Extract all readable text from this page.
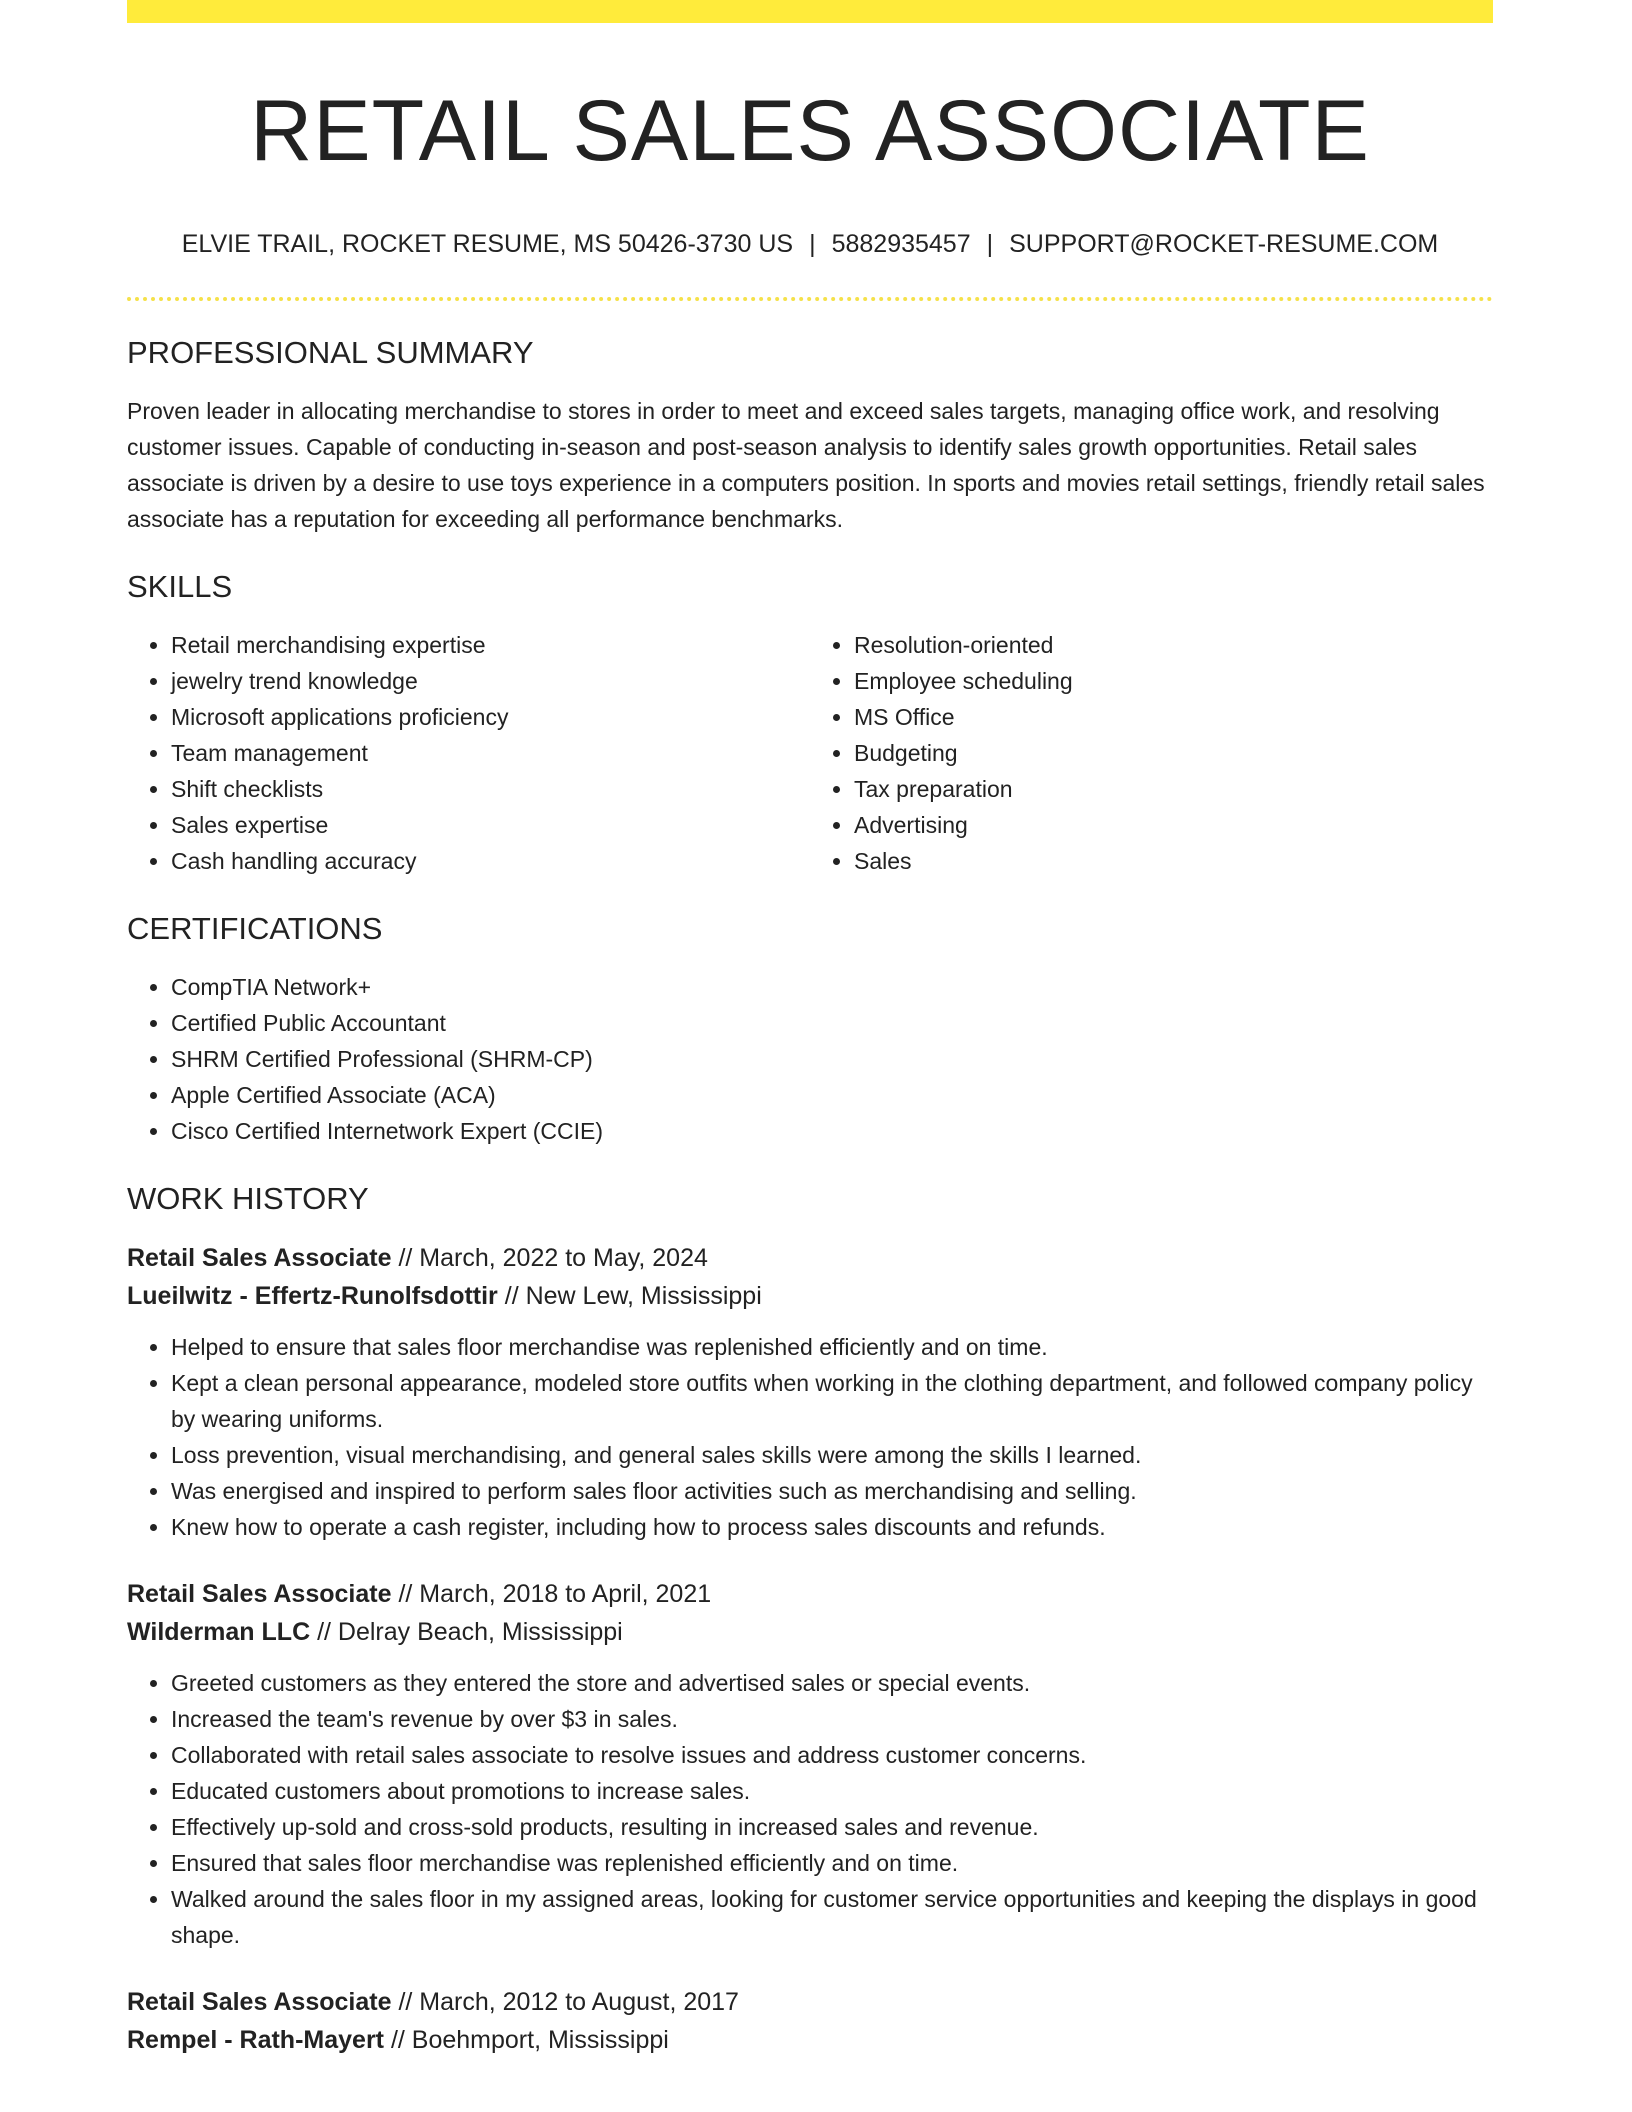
RETAIL SALES ASSOCIATE
ELVIE TRAIL, ROCKET RESUME, MS 50426-3730 US | 5882935457 | SUPPORT@ROCKET-RESUME.COM
PROFESSIONAL SUMMARY

Proven leader in allocating merchandise to stores in order to meet and exceed sales targets, managing office work, and resolving customer issues. Capable of conducting in-season and post-season analysis to identify sales growth opportunities. Retail sales associate is driven by a desire to use toys experience in a computers position. In sports and movies retail settings, friendly retail sales associate has a reputation for exceeding all performance benchmarks.

SKILLS
• Retail merchandising expertise
• jewelry trend knowledge
• Microsoft applications proficiency
• Team management
• Shift checklists
• Sales expertise
• Cash handling accuracy
• Resolution-oriented
• Employee scheduling
• MS Office
• Budgeting
• Tax preparation
• Advertising
• Sales
CERTIFICATIONS
• CompTIA Network+
• Certified Public Accountant
• SHRM Certified Professional (SHRM-CP)
• Apple Certified Associate (ACA)
• Cisco Certified Internetwork Expert (CCIE)
WORK HISTORY

Retail Sales Associate // March, 2022 to May, 2024

Lueilwitz - Effertz-Runolfsdottir // New Lew, Mississippi

• Helped to ensure that sales floor merchandise was replenished efficiently and on time.
• Kept a clean personal appearance, modeled store outfits when working in the clothing department, and followed company policy by wearing uniforms.
• Loss prevention, visual merchandising, and general sales skills were among the skills I learned.
• Was energised and inspired to perform sales floor activities such as merchandising and selling.
• Knew how to operate a cash register, including how to process sales discounts and refunds.

Retail Sales Associate // March, 2018 to April, 2021

Wilderman LLC // Delray Beach, Mississippi

• Greeted customers as they entered the store and advertised sales or special events.
• Increased the team's revenue by over $3 in sales.
• Collaborated with retail sales associate to resolve issues and address customer concerns.
• Educated customers about promotions to increase sales.
• Effectively up-sold and cross-sold products, resulting in increased sales and revenue.
• Ensured that sales floor merchandise was replenished efficiently and on time.
• Walked around the sales floor in my assigned areas, looking for customer service opportunities and keeping the displays in good shape.

Retail Sales Associate // March, 2012 to August, 2017

Rempel - Rath-Mayert // Boehmport, Mississippi
